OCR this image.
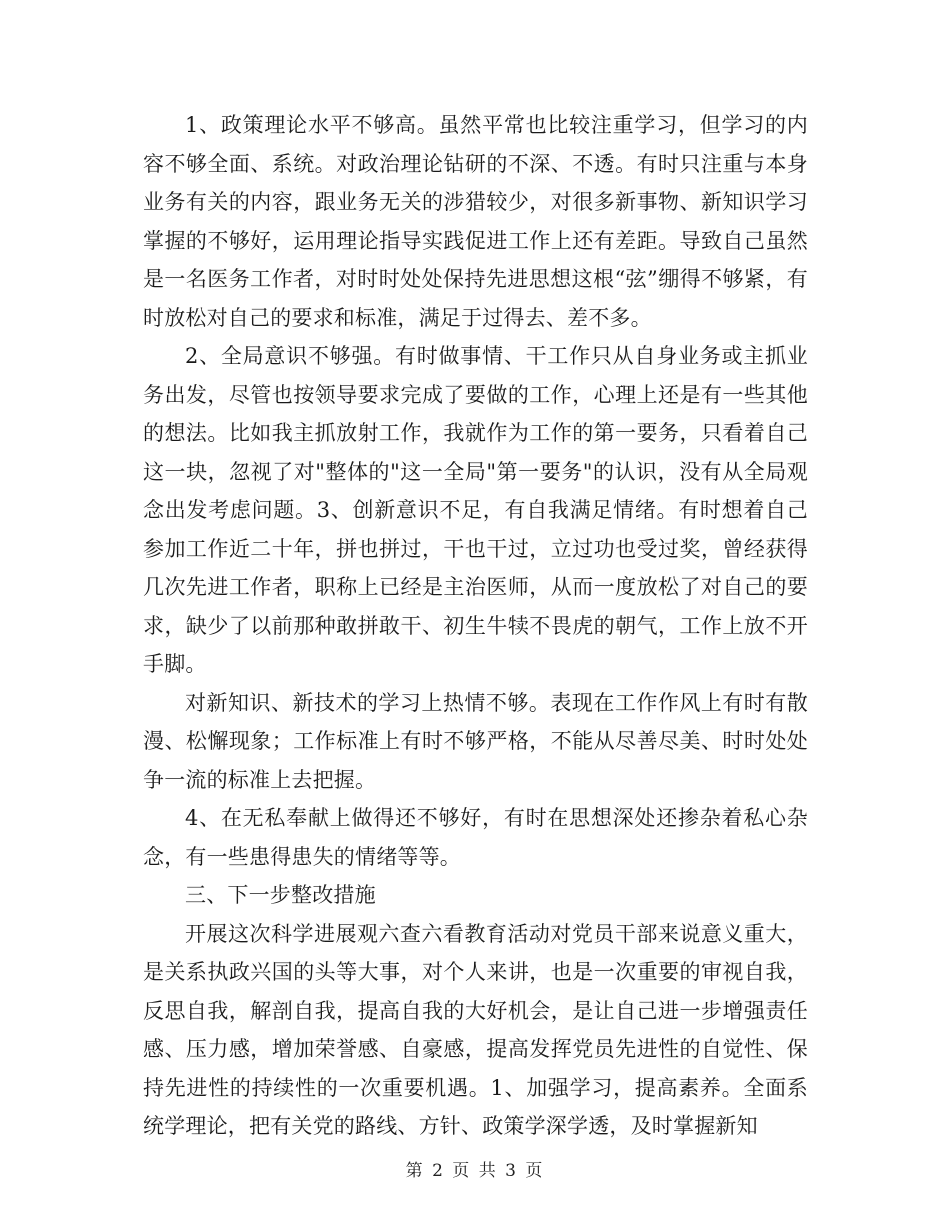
1、政策理论水平不够高。虽然平常也比较注重学习，但学习的内容不够全面、系统。对政治理论钻研的不深、不透。有时只注重与本身业务有关的内容，跟业务无关的涉猎较少，对很多新事物、新知识学习掌握的不够好，运用理论指导实践促进工作上还有差距。导致自己虽然是一名医务工作者，对时时处处保持先进思想这根“弦”绷得不够紧，有时放松对自己的要求和标准，满足于过得去、差不多。

2、全局意识不够强。有时做事情、干工作只从自身业务或主抓业务出发，尽管也按领导要求完成了要做的工作，心理上还是有一些其他的想法。比如我主抓放射工作，我就作为工作的第一要务，只看着自己这一块，忽视了对"整体的"这一全局"第一要务"的认识，没有从全局观念出发考虑问题。3、创新意识不足，有自我满足情绪。有时想着自己参加工作近二十年，拼也拼过，干也干过，立过功也受过奖，曾经获得几次先进工作者，职称上已经是主治医师，从而一度放松了对自己的要求，缺少了以前那种敢拼敢干、初生牛犊不畏虎的朝气，工作上放不开手脚。

对新知识、新技术的学习上热情不够。表现在工作作风上有时有散漫、松懈现象；工作标准上有时不够严格，不能从尽善尽美、时时处处争一流的标准上去把握。

4、在无私奉献上做得还不够好，有时在思想深处还掺杂着私心杂念，有一些患得患失的情绪等等。

三、下一步整改措施

开展这次科学进展观六查六看教育活动对党员干部来说意义重大，是关系执政兴国的头等大事，对个人来讲，也是一次重要的审视自我，反思自我，解剖自我，提高自我的大好机会，是让自己进一步增强责任感、压力感，增加荣誉感、自豪感，提高发挥党员先进性的自觉性、保持先进性的持续性的一次重要机遇。1、加强学习，提高素养。全面系统学理论，把有关党的路线、方针、政策学深学透，及时掌握新知

第 2 页 共 3 页
